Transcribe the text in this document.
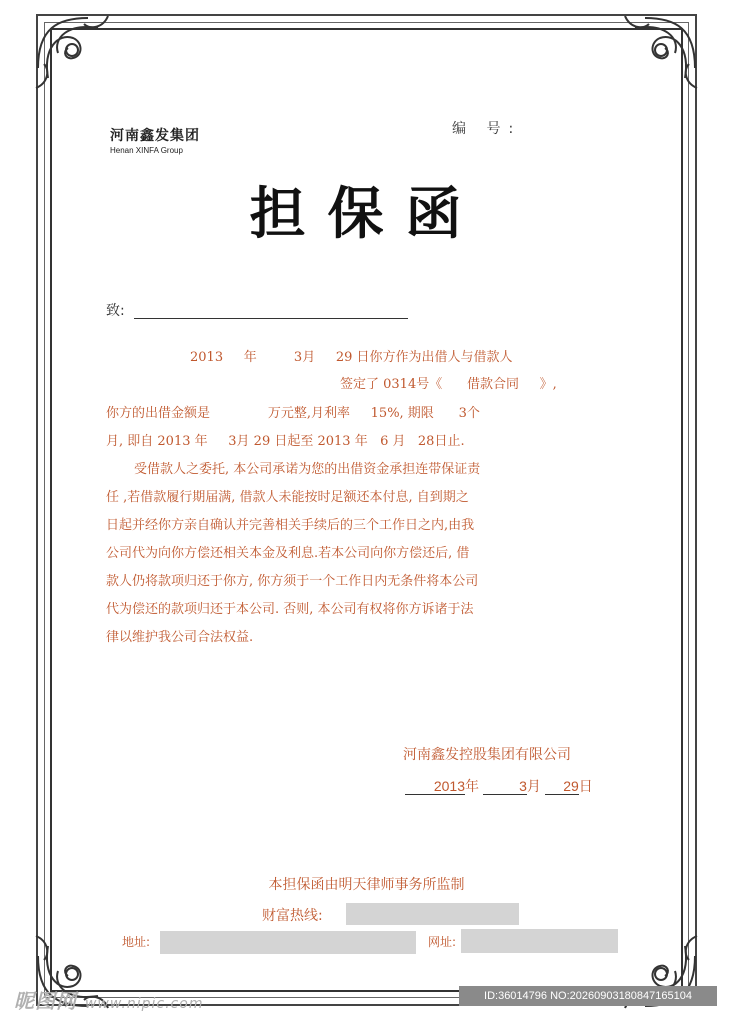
河南鑫发集团
Henan XINFA Group
编 号:
担保函
致:
2013     年         3月     29 日你方作为出借人与借款人
签定了 0314号《      借款合同     》,
你方的出借金额是              万元整,月利率     15%, 期限      3个
月, 即自 2013 年     3月 29 日起至 2013 年   6 月   28日止.
受借款人之委托, 本公司承诺为您的出借资金承担连带保证责
任 ,若借款履行期届满, 借款人未能按时足额还本付息, 自到期之
日起并经你方亲自确认并完善相关手续后的三个工作日之内,由我
公司代为向你方偿还相关本金及利息.若本公司向你方偿还后, 借
款人仍将款项归还于你方, 你方须于一个工作日内无条件将本公司
代为偿还的款项归还于本公司. 否则, 本公司有权将你方诉诸于法
律以维护我公司合法权益.
河南鑫发控股集团有限公司
2013年	3月 29日
本担保函由明天律师事务所监制
财富热线:
地址:	网址:
昵图网 www.nipic.com	ID:36014796 NO:20260903180847165104
